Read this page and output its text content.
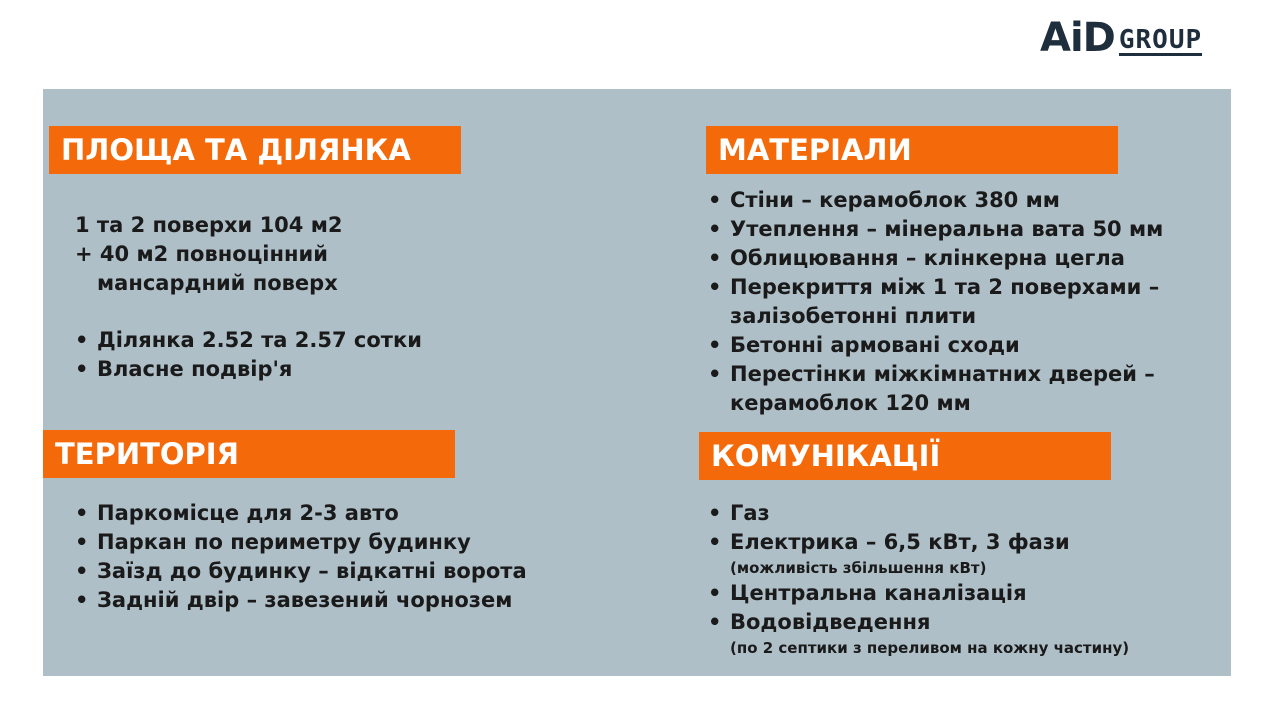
AiD GROUP
ПЛОЩА ТА ДІЛЯНКА
1 та 2 поверхи 104 м2
+ 40 м2 повноцінний
мансардний поверх
• Ділянка 2.52 та 2.57 сотки
• Власне подвір'я
ТЕРИТОРІЯ
• Паркомісце для 2-3 авто
• Паркан по периметру будинку
• Заїзд до будинку – відкатні ворота
• Задній двір – завезений чорнозем
МАТЕРІАЛИ
• Стіни – керамоблок 380 мм
• Утеплення – мінеральна вата 50 мм
• Облицювання – клінкерна цегла
• Перекриття між 1 та 2 поверхами –
залізобетонні плити
• Бетонні армовані сходи
• Перестінки міжкімнатних дверей –
керамоблок 120 мм
КОМУНІКАЦІЇ
• Газ
• Електрика – 6,5 кВт, 3 фази
(можливість збільшення кВт)
• Центральна каналізація
• Водовідведення
(по 2 септики з переливом на кожну частину)
